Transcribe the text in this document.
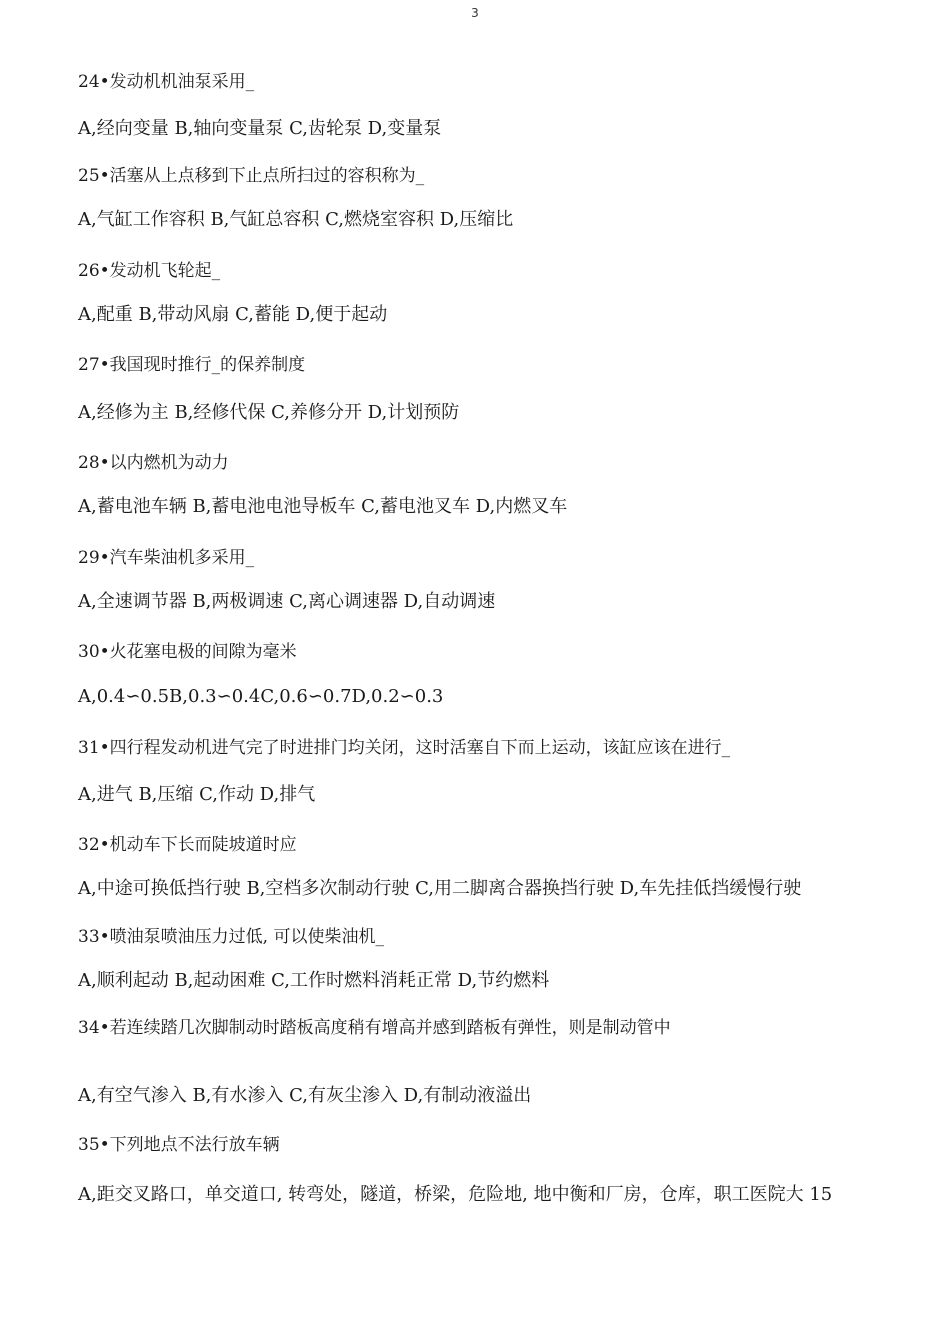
3
24•发动机机油泵采用_
A,经向变量 B,轴向变量泵 C,齿轮泵 D,变量泵
25•活塞从上点移到下止点所扫过的容积称为_
A,气缸工作容积 B,气缸总容积 C,燃烧室容积 D,压缩比
26•发动机飞轮起_
A,配重 B,带动风扇 C,蓄能 D,便于起动
27•我国现时推行_的保养制度
A,经修为主 B,经修代保 C,养修分开 D,计划预防
28•以内燃机为动力
A,蓄电池车辆 B,蓄电池电池导板车 C,蓄电池叉车 D,内燃叉车
29•汽车柴油机多采用_
A,全速调节器 B,两极调速 C,离心调速器 D,自动调速
30•火花塞电极的间隙为毫米
A,0.4∽0.5B,0.3∽0.4C,0.6∽0.7D,0.2∽0.3
31•四行程发动机进气完了时进排门均关闭，这时活塞自下而上运动，该缸应该在进行_
A,进气 B,压缩 C,作动 D,排气
32•机动车下长而陡坡道时应
A,中途可换低挡行驶 B,空档多次制动行驶 C,用二脚离合器换挡行驶 D,车先挂低挡缓慢行驶
33•喷油泵喷油压力过低, 可以使柴油机_
A,顺利起动 B,起动困难 C,工作时燃料消耗正常 D,节约燃料
34•若连续踏几次脚制动时踏板高度稍有增高并感到踏板有弹性，则是制动管中
A,有空气渗入 B,有水渗入 C,有灰尘渗入 D,有制动液溢出
35•下列地点不法行放车辆
A,距交叉路口，单交道口, 转弯处，隧道，桥梁，危险地, 地中衡和厂房，仓库，职工医院大 15
